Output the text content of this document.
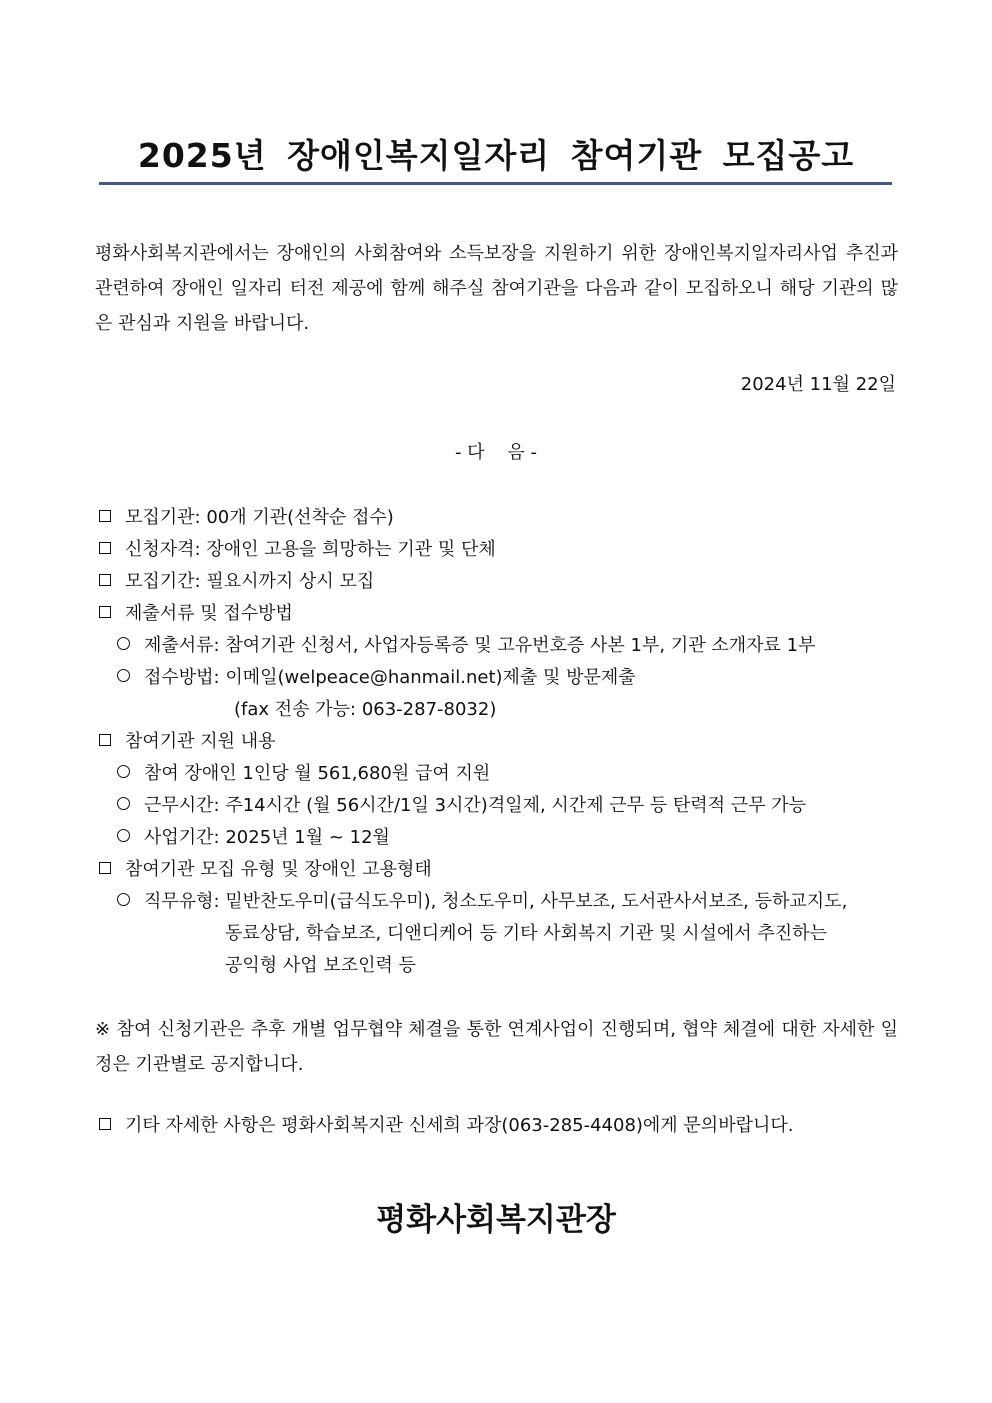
2025년 장애인복지일자리 참여기관 모집공고
평화사회복지관에서는 장애인의 사회참여와 소득보장을 지원하기 위한 장애인복지일자리사업 추진과 관련하여 장애인 일자리 터전 제공에 함께 해주실 참여기관을 다음과 같이 모집하오니 해당 기관의 많은 관심과 지원을 바랍니다.
2024년 11월 22일
- 다    음 -
모집기관: 00개 기관(선착순 접수)
신청자격: 장애인 고용을 희망하는 기관 및 단체
모집기간: 필요시까지 상시 모집
제출서류 및 접수방법
제출서류: 참여기관 신청서, 사업자등록증 및 고유번호증 사본 1부, 기관 소개자료 1부
접수방법: 이메일(welpeace@hanmail.net)제출 및 방문제출
(fax 전송 가능: 063-287-8032)
참여기관 지원 내용
참여 장애인 1인당 월 561,680원 급여 지원
근무시간: 주14시간 (월 56시간/1일 3시간)격일제, 시간제 근무 등 탄력적 근무 가능
사업기간: 2025년 1월 ~ 12월
참여기관 모집 유형 및 장애인 고용형태
직무유형: 밑반찬도우미(급식도우미), 청소도우미, 사무보조, 도서관사서보조, 등하교지도,
동료상담, 학습보조, 디앤디케어 등 기타 사회복지 기관 및 시설에서 추진하는
공익형 사업 보조인력 등
※ 참여 신청기관은 추후 개별 업무협약 체결을 통한 연계사업이 진행되며, 협약 체결에 대한 자세한 일정은 기관별로 공지합니다.
기타 자세한 사항은 평화사회복지관 신세희 과장(063-285-4408)에게 문의바랍니다.
평화사회복지관장
